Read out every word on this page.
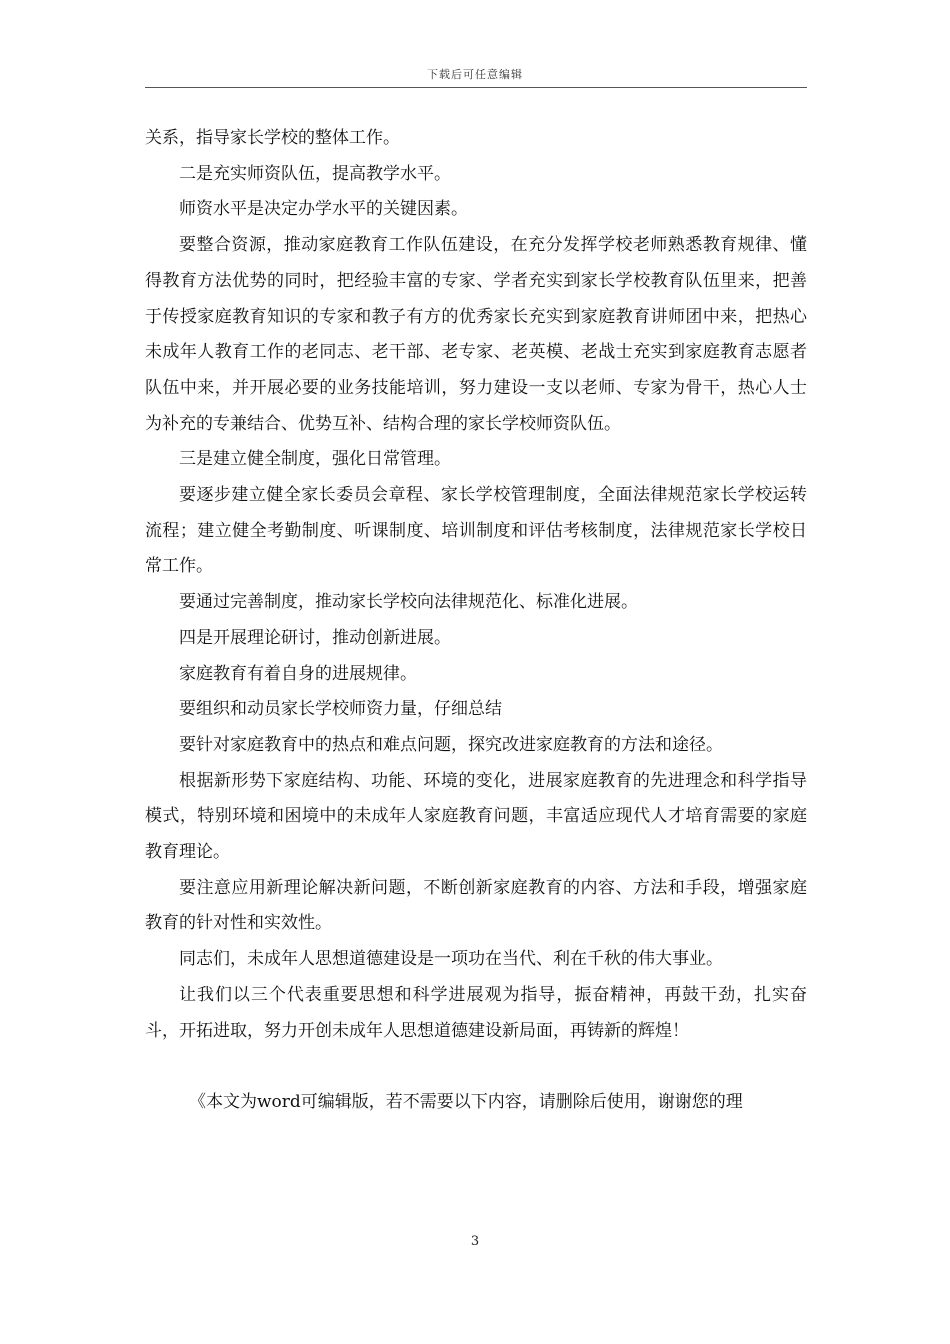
下载后可任意编辑

关系，指导家长学校的整体工作。

二是充实师资队伍，提高教学水平。

师资水平是决定办学水平的关键因素。

要整合资源，推动家庭教育工作队伍建设，在充分发挥学校老师熟悉教育规律、懂得教育方法优势的同时，把经验丰富的专家、学者充实到家长学校教育队伍里来，把善于传授家庭教育知识的专家和教子有方的优秀家长充实到家庭教育讲师团中来，把热心未成年人教育工作的老同志、老干部、老专家、老英模、老战士充实到家庭教育志愿者队伍中来，并开展必要的业务技能培训，努力建设一支以老师、专家为骨干，热心人士为补充的专兼结合、优势互补、结构合理的家长学校师资队伍。

三是建立健全制度，强化日常管理。

要逐步建立健全家长委员会章程、家长学校管理制度，全面法律规范家长学校运转流程；建立健全考勤制度、听课制度、培训制度和评估考核制度，法律规范家长学校日常工作。

要通过完善制度，推动家长学校向法律规范化、标准化进展。

四是开展理论研讨，推动创新进展。

家庭教育有着自身的进展规律。

要组织和动员家长学校师资力量，仔细总结

要针对家庭教育中的热点和难点问题，探究改进家庭教育的方法和途径。

根据新形势下家庭结构、功能、环境的变化，进展家庭教育的先进理念和科学指导模式，特别环境和困境中的未成年人家庭教育问题，丰富适应现代人才培育需要的家庭教育理论。

要注意应用新理论解决新问题，不断创新家庭教育的内容、方法和手段，增强家庭教育的针对性和实效性。

同志们，未成年人思想道德建设是一项功在当代、利在千秋的伟大事业。

让我们以三个代表重要思想和科学进展观为指导，振奋精神，再鼓干劲，扎实奋斗，开拓进取，努力开创未成年人思想道德建设新局面，再铸新的辉煌！

《本文为word可编辑版，若不需要以下内容，请删除后使用，谢谢您的理

3
